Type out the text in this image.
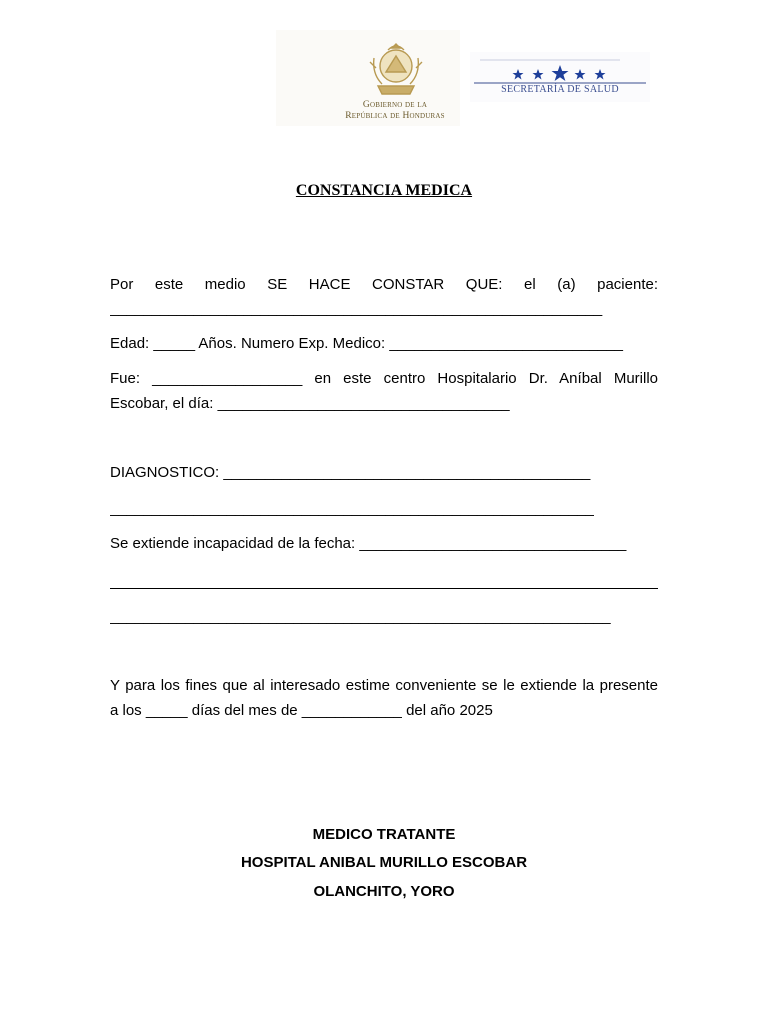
Gobierno de la
República de Honduras
SECRETARÍA DE SALUD
CONSTANCIA MEDICA
Por este medio SE HACE CONSTAR QUE: el (a) paciente:
___________________________________________________________
Edad: _____ Años. Numero Exp. Medico: ____________________________
Fue: __________________ en este centro Hospitalario Dr. Aníbal Murillo
Escobar, el día: ___________________________________
DIAGNOSTICO: ____________________________________________
__________________________________________________________
Se extiende incapacidad de la fecha: ________________________________
____________________________________________________________
Y para los fines que al interesado estime conveniente se le extiende la presente
a los _____ días del mes de ____________ del año 2025
MEDICO TRATANTE
HOSPITAL ANIBAL MURILLO ESCOBAR
OLANCHITO, YORO
